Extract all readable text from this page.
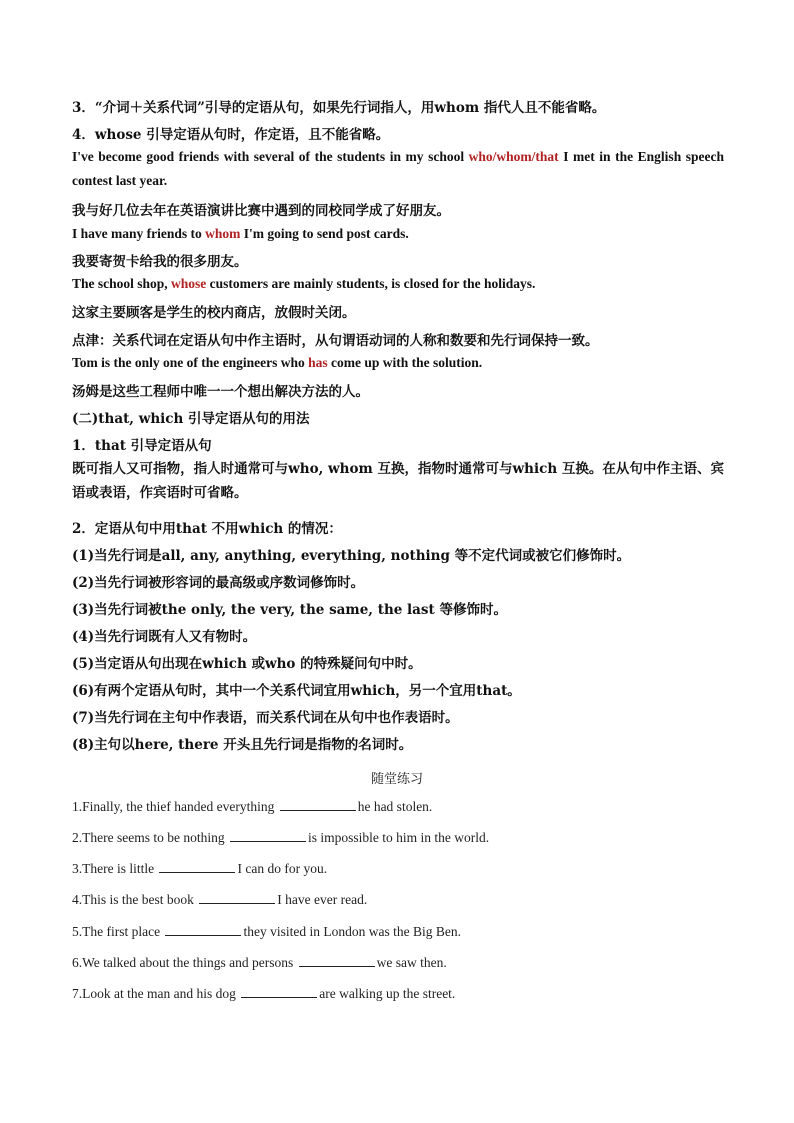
3．“介词＋关系代词”引导的定语从句，如果先行词指人，用whom 指代人且不能省略。
4．whose 引导定语从句时，作定语，且不能省略。
I've become good friends with several of the students in my school who/whom/that I met in the English speech contest last year.
我与好几位去年在英语演讲比赛中遇到的同校同学成了好朋友。
I have many friends to whom I'm going to send post cards.
我要寄贺卡给我的很多朋友。
The school shop, whose customers are mainly students, is closed for the holidays.
这家主要顾客是学生的校内商店，放假时关闭。
点津：关系代词在定语从句中作主语时，从句谓语动词的人称和数要和先行词保持一致。
Tom is the only one of the engineers who has come up with the solution.
汤姆是这些工程师中唯一一个想出解决方法的人。
(二)that, which 引导定语从句的用法
1．that 引导定语从句
既可指人又可指物，指人时通常可与who, whom 互换，指物时通常可与which 互换。在从句中作主语、宾语或表语，作宾语时可省略。
2．定语从句中用that 不用which 的情况：
(1)当先行词是all, any, anything, everything, nothing 等不定代词或被它们修饰时。
(2)当先行词被形容词的最高级或序数词修饰时。
(3)当先行词被the only, the very, the same, the last 等修饰时。
(4)当先行词既有人又有物时。
(5)当定语从句出现在which 或who 的特殊疑问句中时。
(6)有两个定语从句时，其中一个关系代词宜用which，另一个宜用that。
(7)当先行词在主句中作表语，而关系代词在从句中也作表语时。
(8)主句以here, there 开头且先行词是指物的名词时。
随堂练习
1.Finally, the thief handed everything	he had stolen.
2.There seems to be nothing	is impossible to him in the world.
3.There is little	I can do for you.
4.This is the best book	I have ever read.
5.The first place	they visited in London was the Big Ben.
6.We talked about the things and persons	we saw then.
7.Look at the man and his dog	are walking up the street.
